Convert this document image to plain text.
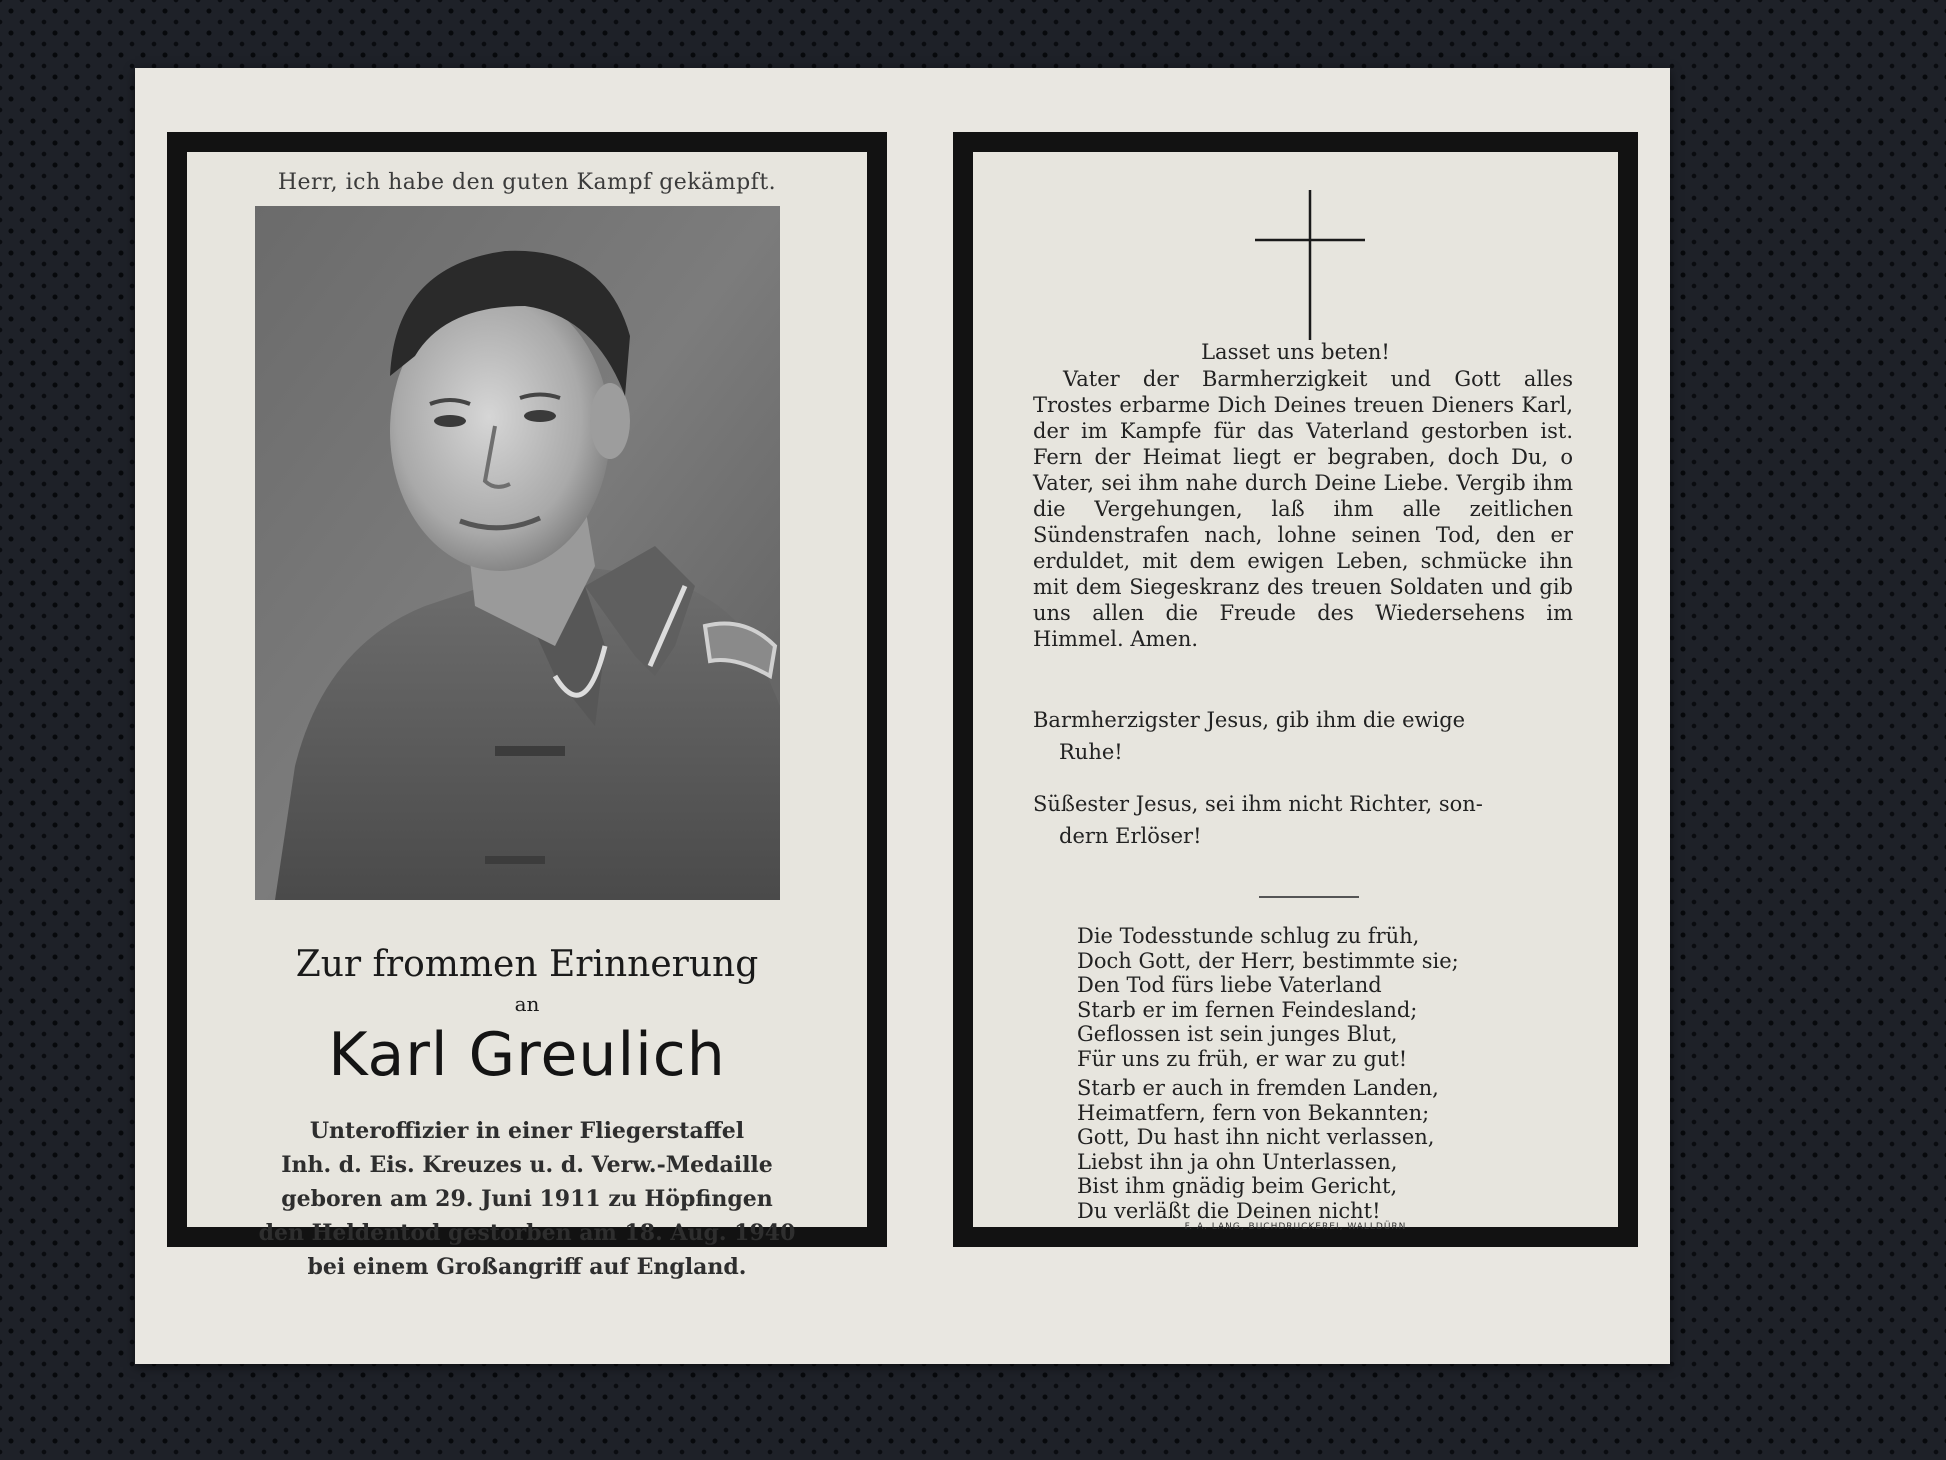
Herr, ich habe den guten Kampf gekämpft.
Zur frommen Erinnerung
an
Karl Greulich
Unteroffizier in einer Fliegerstaffel
Inh. d. Eis. Kreuzes u. d. Verw.-Medaille
geboren am 29. Juni 1911 zu Höpfingen
den Heldentod gestorben am 18. Aug. 1940
bei einem Großangriff auf England.
Lasset uns beten!
Vater der Barmherzigkeit und Gott alles Trostes erbarme Dich Deines treuen Dieners Karl, der im Kampfe für das Vaterland gestorben ist. Fern der Heimat liegt er begraben, doch Du, o Vater, sei ihm nahe durch Deine Liebe. Vergib ihm die Vergehungen, laß ihm alle zeitlichen Sündenstrafen nach, lohne seinen Tod, den er erduldet, mit dem ewigen Leben, schmücke ihn mit dem Siegeskranz des treuen Soldaten und gib uns allen die Freude des Wiedersehens im Himmel. Amen.
Barmherzigster Jesus, gib ihm die ewige
Ruhe!
Süßester Jesus, sei ihm nicht Richter, son-
dern Erlöser!
Die Todesstunde schlug zu früh,
Doch Gott, der Herr, bestimmte sie;
Den Tod fürs liebe Vaterland
Starb er im fernen Feindesland;
Geflossen ist sein junges Blut,
Für uns zu früh, er war zu gut!
Starb er auch in fremden Landen,
Heimatfern, fern von Bekannten;
Gott, Du hast ihn nicht verlassen,
Liebst ihn ja ohn Unterlassen,
Bist ihm gnädig beim Gericht,
Du verläßt die Deinen nicht!
F. A. LANG, BUCHDRUCKEREI, WALLDÜRN
